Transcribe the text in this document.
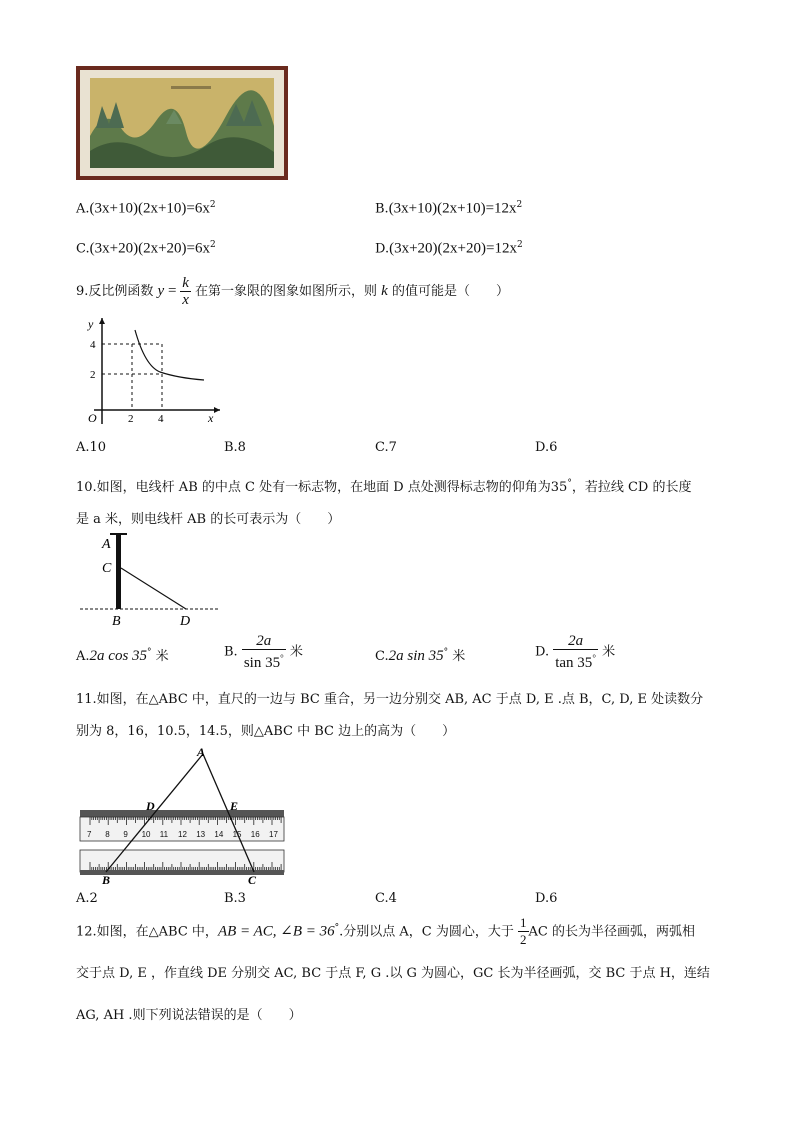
$A.(3x+10)(2x+10)=6x^2$	$B.(3x+10)(2x+10)=12x^2$
$C.(3x+20)(2x+20)=6x^2$	$D.(3x+20)(2x+20)=12x^2$
9.反比例函数 $y = \frac{k}{x}$ 在第一象限的图象如图所示，则 k 的值可能是（　　）
y
x
O
4
2
2 4
A.10	B.8	C.7	D.6
10.如图，电线杆 AB 的中点 C 处有一标志物，在地面 D 点处测得标志物的仰角为35°，若拉线 CD 的长度
是 a 米，则电线杆 AB 的长可表示为（　　）
A
C
B	D
A.2a cos 35° 米	B. $\frac{2a}{\sin 35^\circ}$ 米	C.2a sin 35° 米	D. $\frac{2a}{\tan 35^\circ}$ 米
11.如图，在△ABC 中，直尺的一边与 BC 重合，另一边分别交 AB, AC 于点 D, E .点 B，C, D, E 处读数分
别为 8，16，10.5，14.5，则△ABC 中 BC 边上的高为（　　）
7 8 9 10 11 12 13 14 15 16 17
A
D	E
B	C
A.2	B.3	C.4	D.6
12.如图，在△ABC 中，AB = AC, ∠B = 36°.分别以点 A，C 为圆心，大于 $\frac{1}{2}$ AC 的长为半径画弧，两弧相
交于点 D, E ，作直线 DE 分别交 AC, BC 于点 F, G .以 G 为圆心，GC 长为半径画弧，交 BC 于点 H，连结
AG, AH .则下列说法错误的是（　　）
